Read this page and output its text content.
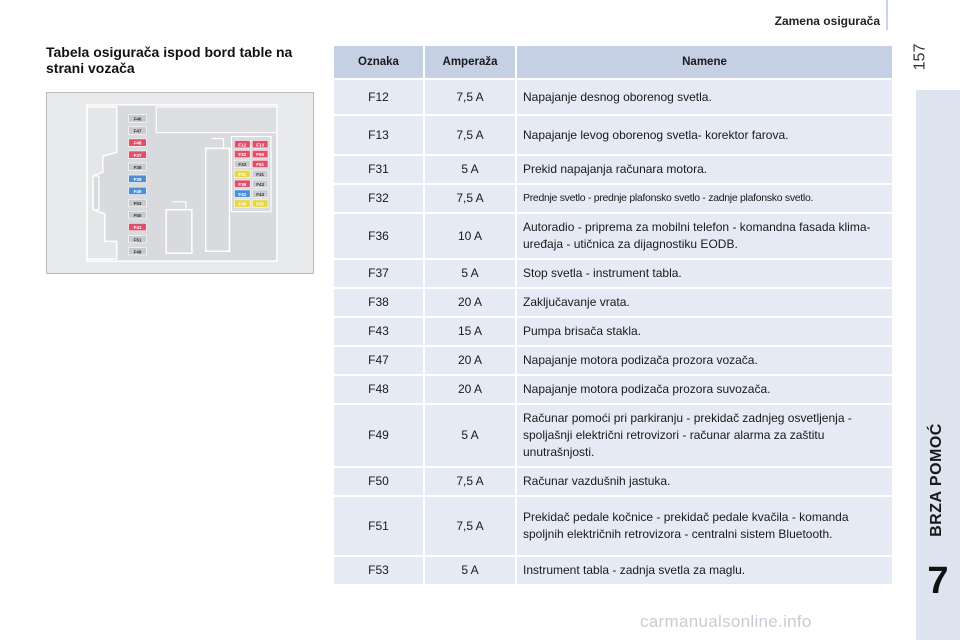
Zamena osigurača
157
BRZA POMOĆ
7
Tabela osigurača ispod bord table na strani vozača
F46
F47
F48
F37
F38
F39
F49
F53
F50
F41
F51
F48
F12 F13
F32 F50
F33 F51
F31 F31
F36 F43
F42 F43
F48 F47
Oznaka	Amperaža	Namene
F12	7,5 A	Napajanje desnog oborenog svetla.
F13	7,5 A	Napajanje levog oborenog svetla- korektor farova.
F31	5 A	Prekid napajanja računara motora.
F32	7,5 A	Prednje svetlo - prednje plafonsko svetlo - zadnje plafonsko svetlo.
F36	10 A	Autoradio - priprema za mobilni telefon - komandna fasada klima-uređaja - utičnica za dijagnostiku EODB.
F37	5 A	Stop svetla - instrument tabla.
F38	20 A	Zaključavanje vrata.
F43	15 A	Pumpa brisača stakla.
F47	20 A	Napajanje motora podizača prozora vozača.
F48	20 A	Napajanje motora podizača prozora suvozača.
F49	5 A	Računar pomoći pri parkiranju - prekidač zadnjeg osvetljenja - spoljašnji električni retrovizori - računar alarma za zaštitu unutrašnjosti.
F50	7,5 A	Računar vazdušnih jastuka.
F51	7,5 A	Prekidač pedale kočnice - prekidač pedale kvačila - komanda spoljnih električnih retrovizora - centralni sistem Bluetooth.
F53	5 A	Instrument tabla - zadnja svetla za maglu.
carmanualsonline.info
